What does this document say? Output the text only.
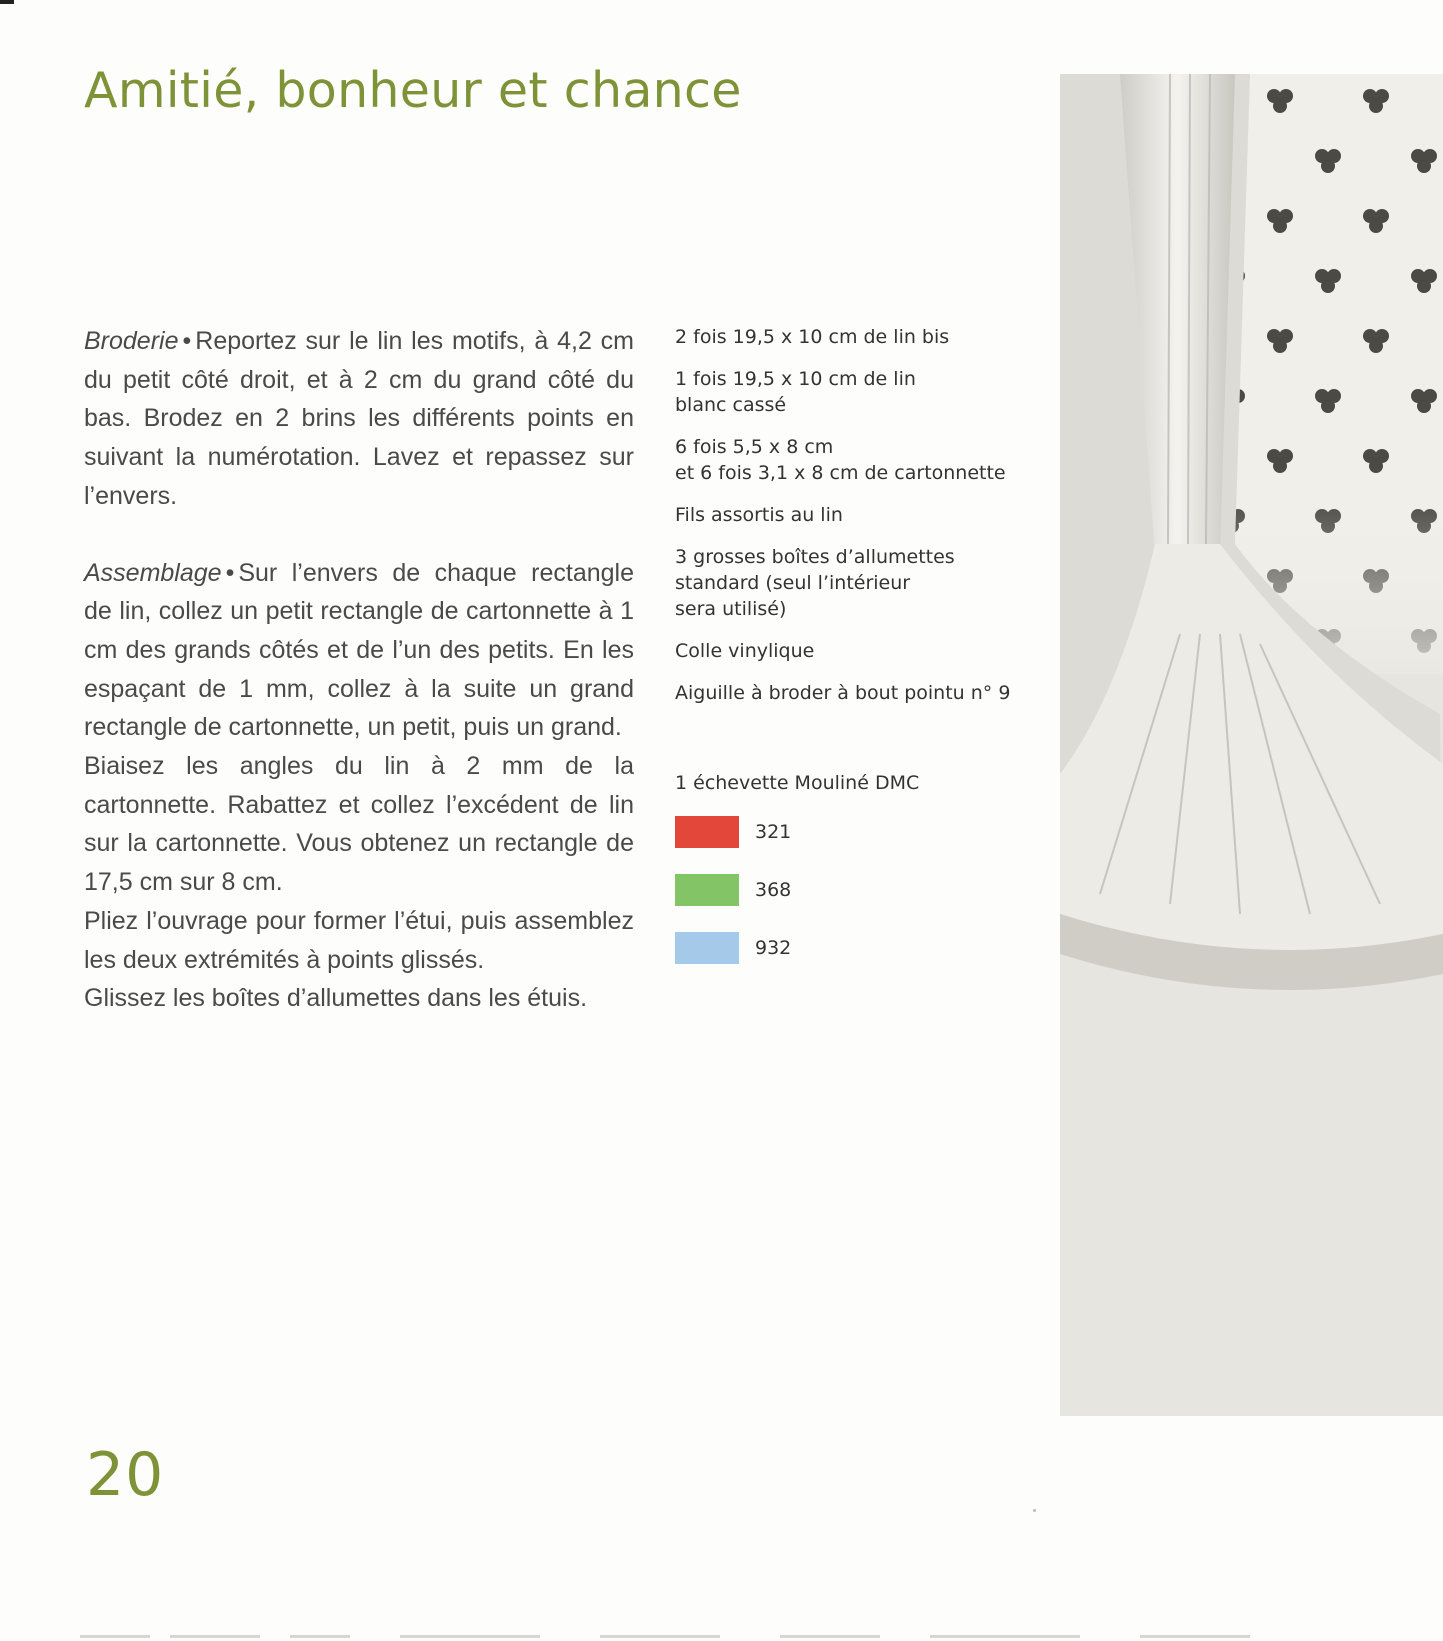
Amitié, bonheur et chance

Broderie • Reportez sur le lin les motifs, à 4,2 cm du petit côté droit, et à 2 cm du grand côté du bas. Brodez en 2 brins les différents points en suivant la numérotation. Lavez et repassez sur l’envers.

Assemblage • Sur l’envers de chaque rectangle de lin, collez un petit rectangle de cartonnette à 1 cm des grands côtés et de l’un des petits. En les espaçant de 1 mm, collez à la suite un grand rectangle de cartonnette, un petit, puis un grand.
Biaisez les angles du lin à 2 mm de la cartonnette. Rabattez et collez l’excédent de lin sur la cartonnette. Vous obtenez un rectangle de 17,5 cm sur 8 cm.
Pliez l’ouvrage pour former l’étui, puis assemblez les deux extrémités à points glissés.
Glissez les boîtes d’allumettes dans les étuis.

2 fois 19,5 x 10 cm de lin bis
1 fois 19,5 x 10 cm de lin
blanc cassé
6 fois 5,5 x 8 cm
et 6 fois 3,1 x 8 cm de cartonnette
Fils assortis au lin
3 grosses boîtes d’allumettes
standard (seul l’intérieur
sera utilisé)
Colle vinylique
Aiguille à broder à bout pointu n° 9
1 échevette Mouliné DMC
321
368
932
20
